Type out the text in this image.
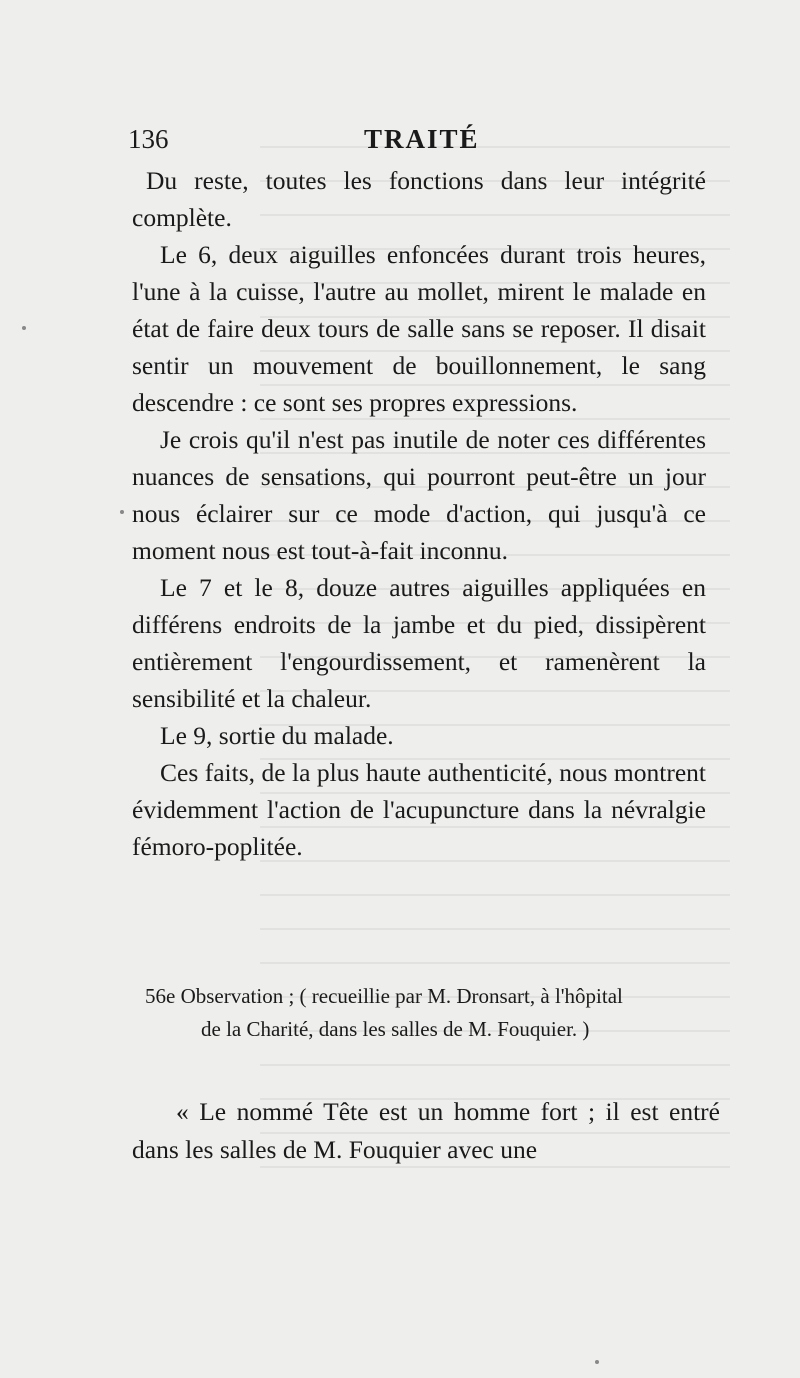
136	TRAITÉ

Du reste, toutes les fonctions dans leur intégrité complète.

Le 6, deux aiguilles enfoncées durant trois heures, l'une à la cuisse, l'autre au mollet, mirent le malade en état de faire deux tours de salle sans se reposer. Il disait sentir un mouvement de bouillonnement, le sang descendre : ce sont ses propres expressions.

Je crois qu'il n'est pas inutile de noter ces différentes nuances de sensations, qui pourront peut-être un jour nous éclairer sur ce mode d'action, qui jusqu'à ce moment nous est tout-à-fait inconnu.

Le 7 et le 8, douze autres aiguilles appliquées en différens endroits de la jambe et du pied, dissipèrent entièrement l'engourdissement, et ramenèrent la sensibilité et la chaleur.

Le 9, sortie du malade.

Ces faits, de la plus haute authenticité, nous montrent évidemment l'action de l'acupuncture dans la névralgie fémoro-poplitée.

56e Observation ; ( recueillie par M. Dronsart, à l'hôpital
de la Charité, dans les salles de M. Fouquier. )

« Le nommé Tête est un homme fort ; il est entré dans les salles de M. Fouquier avec une
